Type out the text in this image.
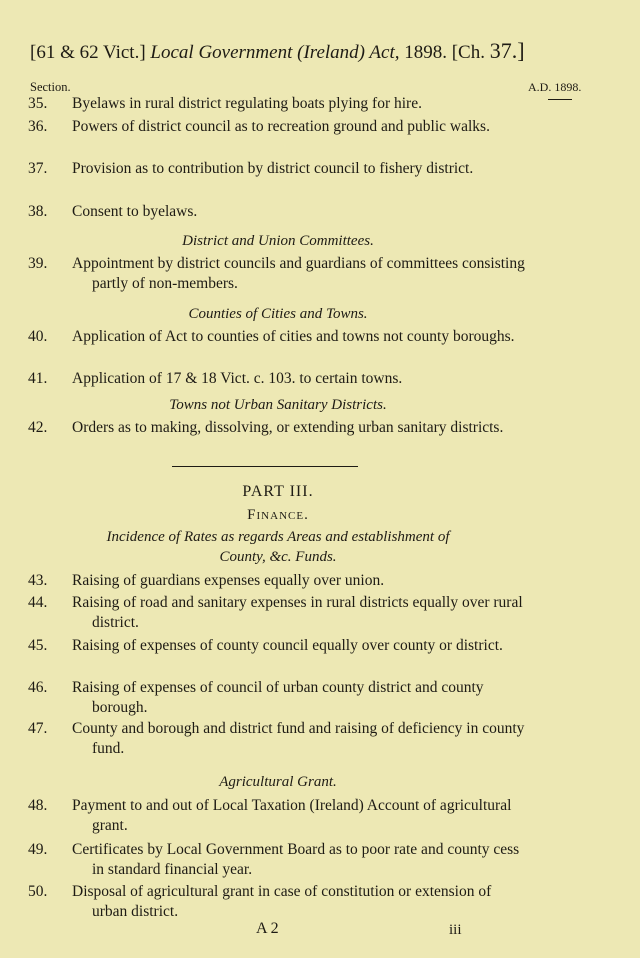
[61 & 62 Vict.] Local Government (Ireland) Act, 1898. [Ch. 37.]
Section.	A.D. 1898.
35.	Byelaws in rural district regulating boats plying for hire.
36.	Powers of district council as to recreation ground and public walks.
37.	Provision as to contribution by district council to fishery district.
38.	Consent to byelaws.
District and Union Committees.
39.	Appointment by district councils and guardians of committees consisting partly of non-members.
Counties of Cities and Towns.
40.	Application of Act to counties of cities and towns not county boroughs.
41.	Application of 17 & 18 Vict. c. 103. to certain towns.
Towns not Urban Sanitary Districts.
42.	Orders as to making, dissolving, or extending urban sanitary districts.
PART III.
Finance.
Incidence of Rates as regards Areas and establishment of
County, &c. Funds.
43.	Raising of guardians expenses equally over union.
44.	Raising of road and sanitary expenses in rural districts equally over rural district.
45.	Raising of expenses of county council equally over county or district.
46.	Raising of expenses of council of urban county district and county borough.
47.	County and borough and district fund and raising of deficiency in county fund.
Agricultural Grant.
48.	Payment to and out of Local Taxation (Ireland) Account of agricultural grant.
49.	Certificates by Local Government Board as to poor rate and county cess in standard financial year.
50.	Disposal of agricultural grant in case of constitution or extension of urban district.
A 2	iii
